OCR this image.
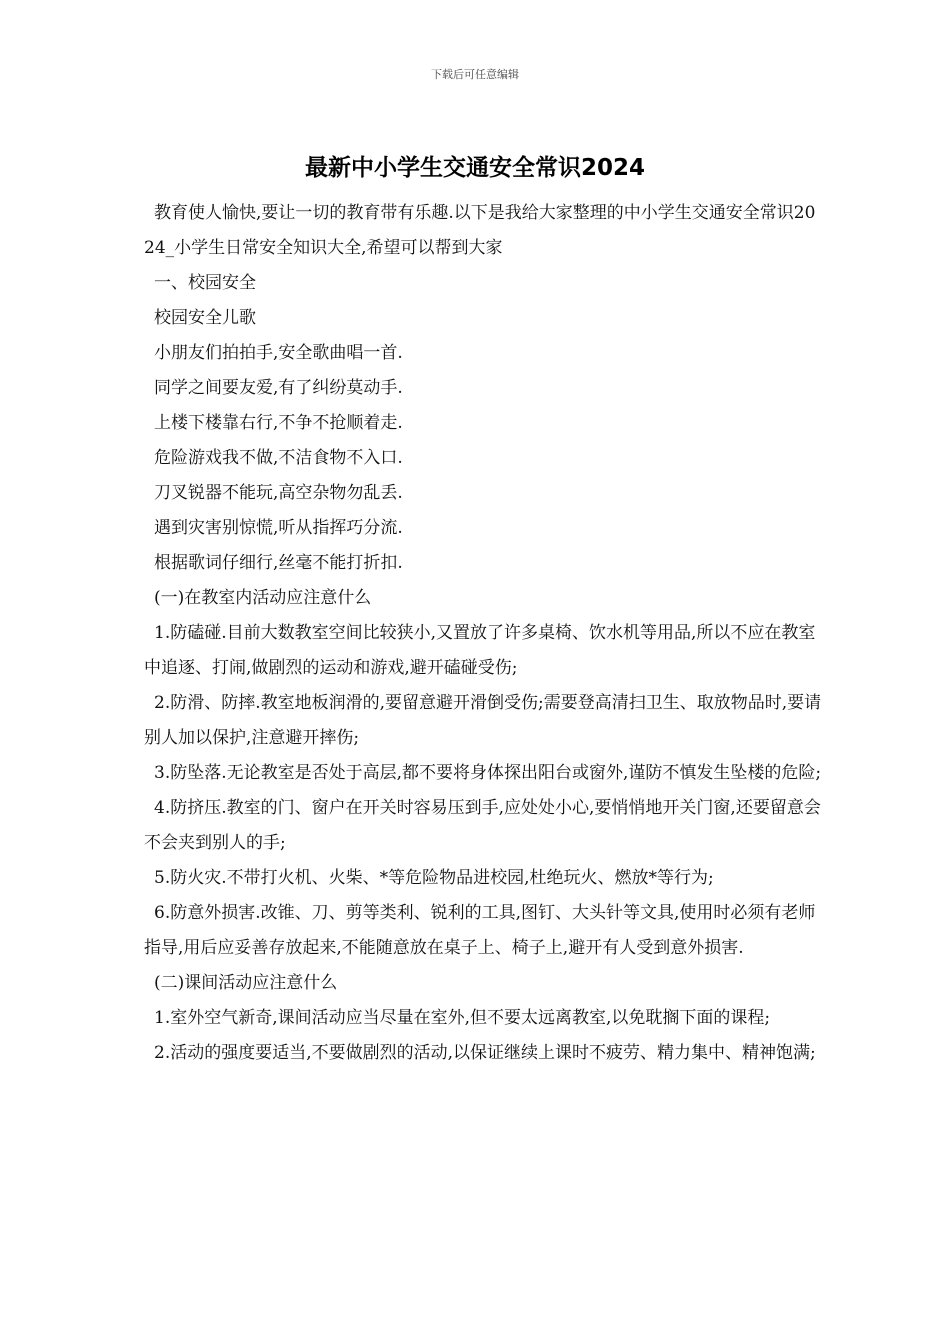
下载后可任意编辑
最新中小学生交通安全常识2024

教育使人愉快,要让一切的教育带有乐趣.以下是我给大家整理的中小学生交通安全常识2024_小学生日常安全知识大全,希望可以帮到大家

一、校园安全

校园安全儿歌

小朋友们拍拍手,安全歌曲唱一首.

同学之间要友爱,有了纠纷莫动手.

上楼下楼靠右行,不争不抢顺着走.

危险游戏我不做,不洁食物不入口.

刀叉锐器不能玩,高空杂物勿乱丢.

遇到灾害别惊慌,听从指挥巧分流.

根据歌词仔细行,丝毫不能打折扣.

(一)在教室内活动应注意什么

1.防磕碰.目前大数教室空间比较狭小,又置放了许多桌椅、饮水机等用品,所以不应在教室中追逐、打闹,做剧烈的运动和游戏,避开磕碰受伤;

2.防滑、防摔.教室地板润滑的,要留意避开滑倒受伤;需要登高清扫卫生、取放物品时,要请别人加以保护,注意避开摔伤;

3.防坠落.无论教室是否处于高层,都不要将身体探出阳台或窗外,谨防不慎发生坠楼的危险;

4.防挤压.教室的门、窗户在开关时容易压到手,应处处小心,要悄悄地开关门窗,还要留意会不会夹到别人的手;

5.防火灾.不带打火机、火柴、*等危险物品进校园,杜绝玩火、燃放*等行为;

6.防意外损害.改锥、刀、剪等类利、锐利的工具,图钉、大头针等文具,使用时必须有老师指导,用后应妥善存放起来,不能随意放在桌子上、椅子上,避开有人受到意外损害.

(二)课间活动应注意什么

1.室外空气新奇,课间活动应当尽量在室外,但不要太远离教室,以免耽搁下面的课程;

2.活动的强度要适当,不要做剧烈的活动,以保证继续上课时不疲劳、精力集中、精神饱满;
